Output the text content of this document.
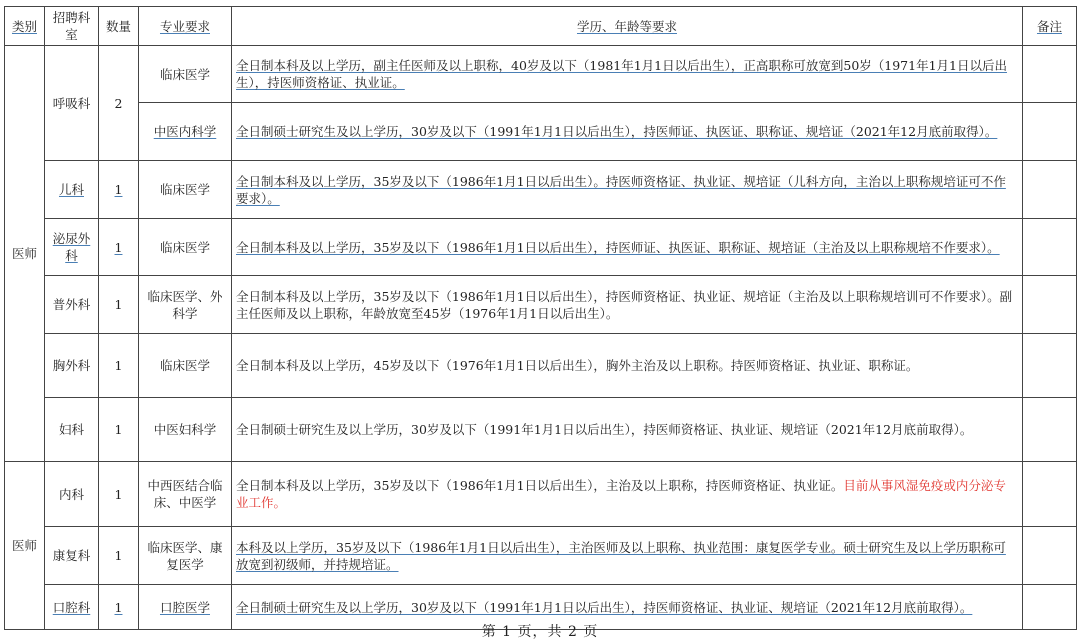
类别	招聘科室	数量	专业要求	学历、年龄等要求	备注
医师	呼吸科	2	临床医学	全日制本科及以上学历，副主任医师及以上职称，40岁及以下（1981年1月1日以后出生），正高职称可放宽到50岁（1971年1月1日以后出生），持医师资格证、执业证。	
			中医内科学	全日制硕士研究生及以上学历，30岁及以下（1991年1月1日以后出生），持医师证、执医证、职称证、规培证（2021年12月底前取得）。	
	儿科	1	临床医学	全日制本科及以上学历，35岁及以下（1986年1月1日以后出生）。持医师资格证、执业证、规培证（儿科方向，主治以上职称规培证可不作要求）。	
	泌尿外科	1	临床医学	全日制本科及以上学历，35岁及以下（1986年1月1日以后出生），持医师证、执医证、职称证、规培证（主治及以上职称规培不作要求）。	
	普外科	1	临床医学、外科学	全日制本科及以上学历，35岁及以下（1986年1月1日以后出生），持医师资格证、执业证、规培证（主治及以上职称规培训可不作要求）。副主任医师及以上职称，年龄放宽至45岁（1976年1月1日以后出生）。	
	胸外科	1	临床医学	全日制本科及以上学历，45岁及以下（1976年1月1日以后出生），胸外主治及以上职称。持医师资格证、执业证、职称证。	
	妇科	1	中医妇科学	全日制硕士研究生及以上学历，30岁及以下（1991年1月1日以后出生），持医师资格证、执业证、规培证（2021年12月底前取得）。	
医师	内科	1	中西医结合临床、中医学	全日制本科及以上学历，35岁及以下（1986年1月1日以后出生），主治及以上职称，持医师资格证、执业证。目前从事风湿免疫或内分泌专业工作。	
	康复科	1	临床医学、康复医学	本科及以上学历，35岁及以下（1986年1月1日以后出生），主治医师及以上职称、执业范围：康复医学专业。硕士研究生及以上学历职称可放宽到初级师，并持规培证。	
	口腔科	1	口腔医学	全日制硕士研究生及以上学历，30岁及以下（1991年1月1日以后出生），持医师资格证、执业证、规培证（2021年12月底前取得）。	
第 1 页，共 2 页
